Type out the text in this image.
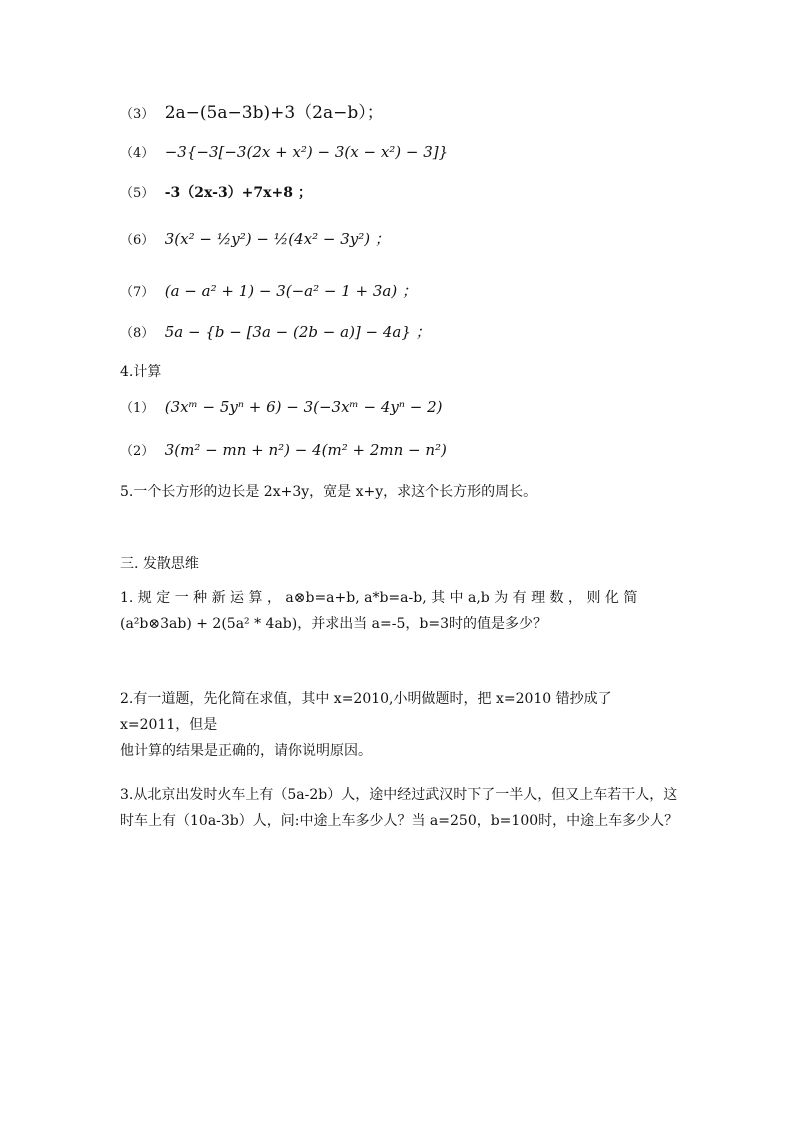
（3） 2a−(5a−3b)+3（2a−b）；
（4） −3{−3[−3(2x + x²) − 3(x − x²) − 3]}
（5） -3（2x-3）+7x+8 ；
（6） 3(x² − ½y²) − ½(4x² − 3y²) ；
（7） (a − a² + 1) − 3(−a² − 1 + 3a) ；
（8） 5a − {b − [3a − (2b − a)] − 4a} ；
4.计算
（1） (3xᵐ − 5yⁿ + 6) − 3(−3xᵐ − 4yⁿ − 2)
（2） 3(m² − mn + n²) − 4(m² + 2mn − n²)
5.一个长方形的边长是 2x+3y，宽是 x+y，求这个长方形的周长。
三. 发散思维
1. 规 定 一 种 新 运 算 ， a⊗b=a+b, a*b=a-b, 其 中 a,b 为 有 理 数 ， 则 化 简
(a²b⊗3ab) + 2(5a² * 4ab)，并求出当 a=-5，b=3时的值是多少？
2.有一道题，先化简在求值，其中 x=2010,小明做题时，把 x=2010 错抄成了 x=2011，但是
他计算的结果是正确的，请你说明原因。
3.从北京出发时火车上有（5a-2b）人，途中经过武汉时下了一半人，但又上车若干人，这
时车上有（10a-3b）人，问:中途上车多少人？当 a=250，b=100时，中途上车多少人？
